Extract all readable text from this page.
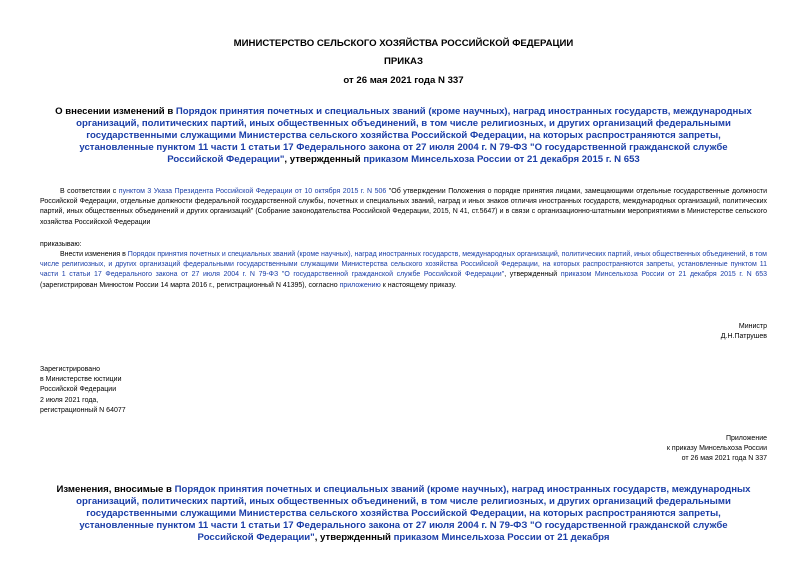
МИНИСТЕРСТВО СЕЛЬСКОГО ХОЗЯЙСТВА РОССИЙСКОЙ ФЕДЕРАЦИИ
ПРИКАЗ
от 26 мая 2021 года N 337
О внесении изменений в Порядок принятия почетных и специальных званий (кроме научных), наград иностранных государств, международных организаций, политических партий, иных общественных объединений, в том числе религиозных, и других организаций федеральными государственными служащими Министерства сельского хозяйства Российской Федерации, на которых распространяются запреты, установленные пунктом 11 части 1 статьи 17 Федерального закона от 27 июля 2004 г. N 79-ФЗ "О государственной гражданской службе Российской Федерации", утвержденный приказом Минсельхоза России от 21 декабря 2015 г. N 653

В соответствии с пунктом 3 Указа Президента Российской Федерации от 10 октября 2015 г. N 506 "Об утверждении Положения о порядке принятия лицами, замещающими отдельные государственные должности Российской Федерации, отдельные должности федеральной государственной службы, почетных и специальных званий, наград и иных знаков отличия иностранных государств, международных организаций, политических партий, иных общественных объединений и других организаций" (Собрание законодательства Российской Федерации, 2015, N 41, ст.5647) и в связи с организационно-штатными мероприятиями в Министерстве сельского хозяйства Российской Федерации

приказываю:

Внести изменения в Порядок принятия почетных и специальных званий (кроме научных), наград иностранных государств, международных организаций, политических партий, иных общественных объединений, в том числе религиозных, и других организаций федеральными государственными служащими Министерства сельского хозяйства Российской Федерации, на которых распространяются запреты, установленные пунктом 11 части 1 статьи 17 Федерального закона от 27 июля 2004 г. N 79-ФЗ "О государственной гражданской службе Российской Федерации", утвержденный приказом Минсельхоза России от 21 декабря 2015 г. N 653 (зарегистрирован Минюстом России 14 марта 2016 г., регистрационный N 41395), согласно приложению к настоящему приказу.

Министр
Д.Н.Патрушев
Зарегистрировано
в Министерстве юстиции
Российской Федерации
2 июля 2021 года,
регистрационный N 64077
Приложение
к приказу Минсельхоза России
от 26 мая 2021 года N 337
Изменения, вносимые в Порядок принятия почетных и специальных званий (кроме научных), наград иностранных государств, международных организаций, политических партий, иных общественных объединений, в том числе религиозных, и других организаций федеральными государственными служащими Министерства сельского хозяйства Российской Федерации, на которых распространяются запреты, установленные пунктом 11 части 1 статьи 17 Федерального закона от 27 июля 2004 г. N 79-ФЗ "О государственной гражданской службе Российской Федерации", утвержденный приказом Минсельхоза России от 21 декабря
